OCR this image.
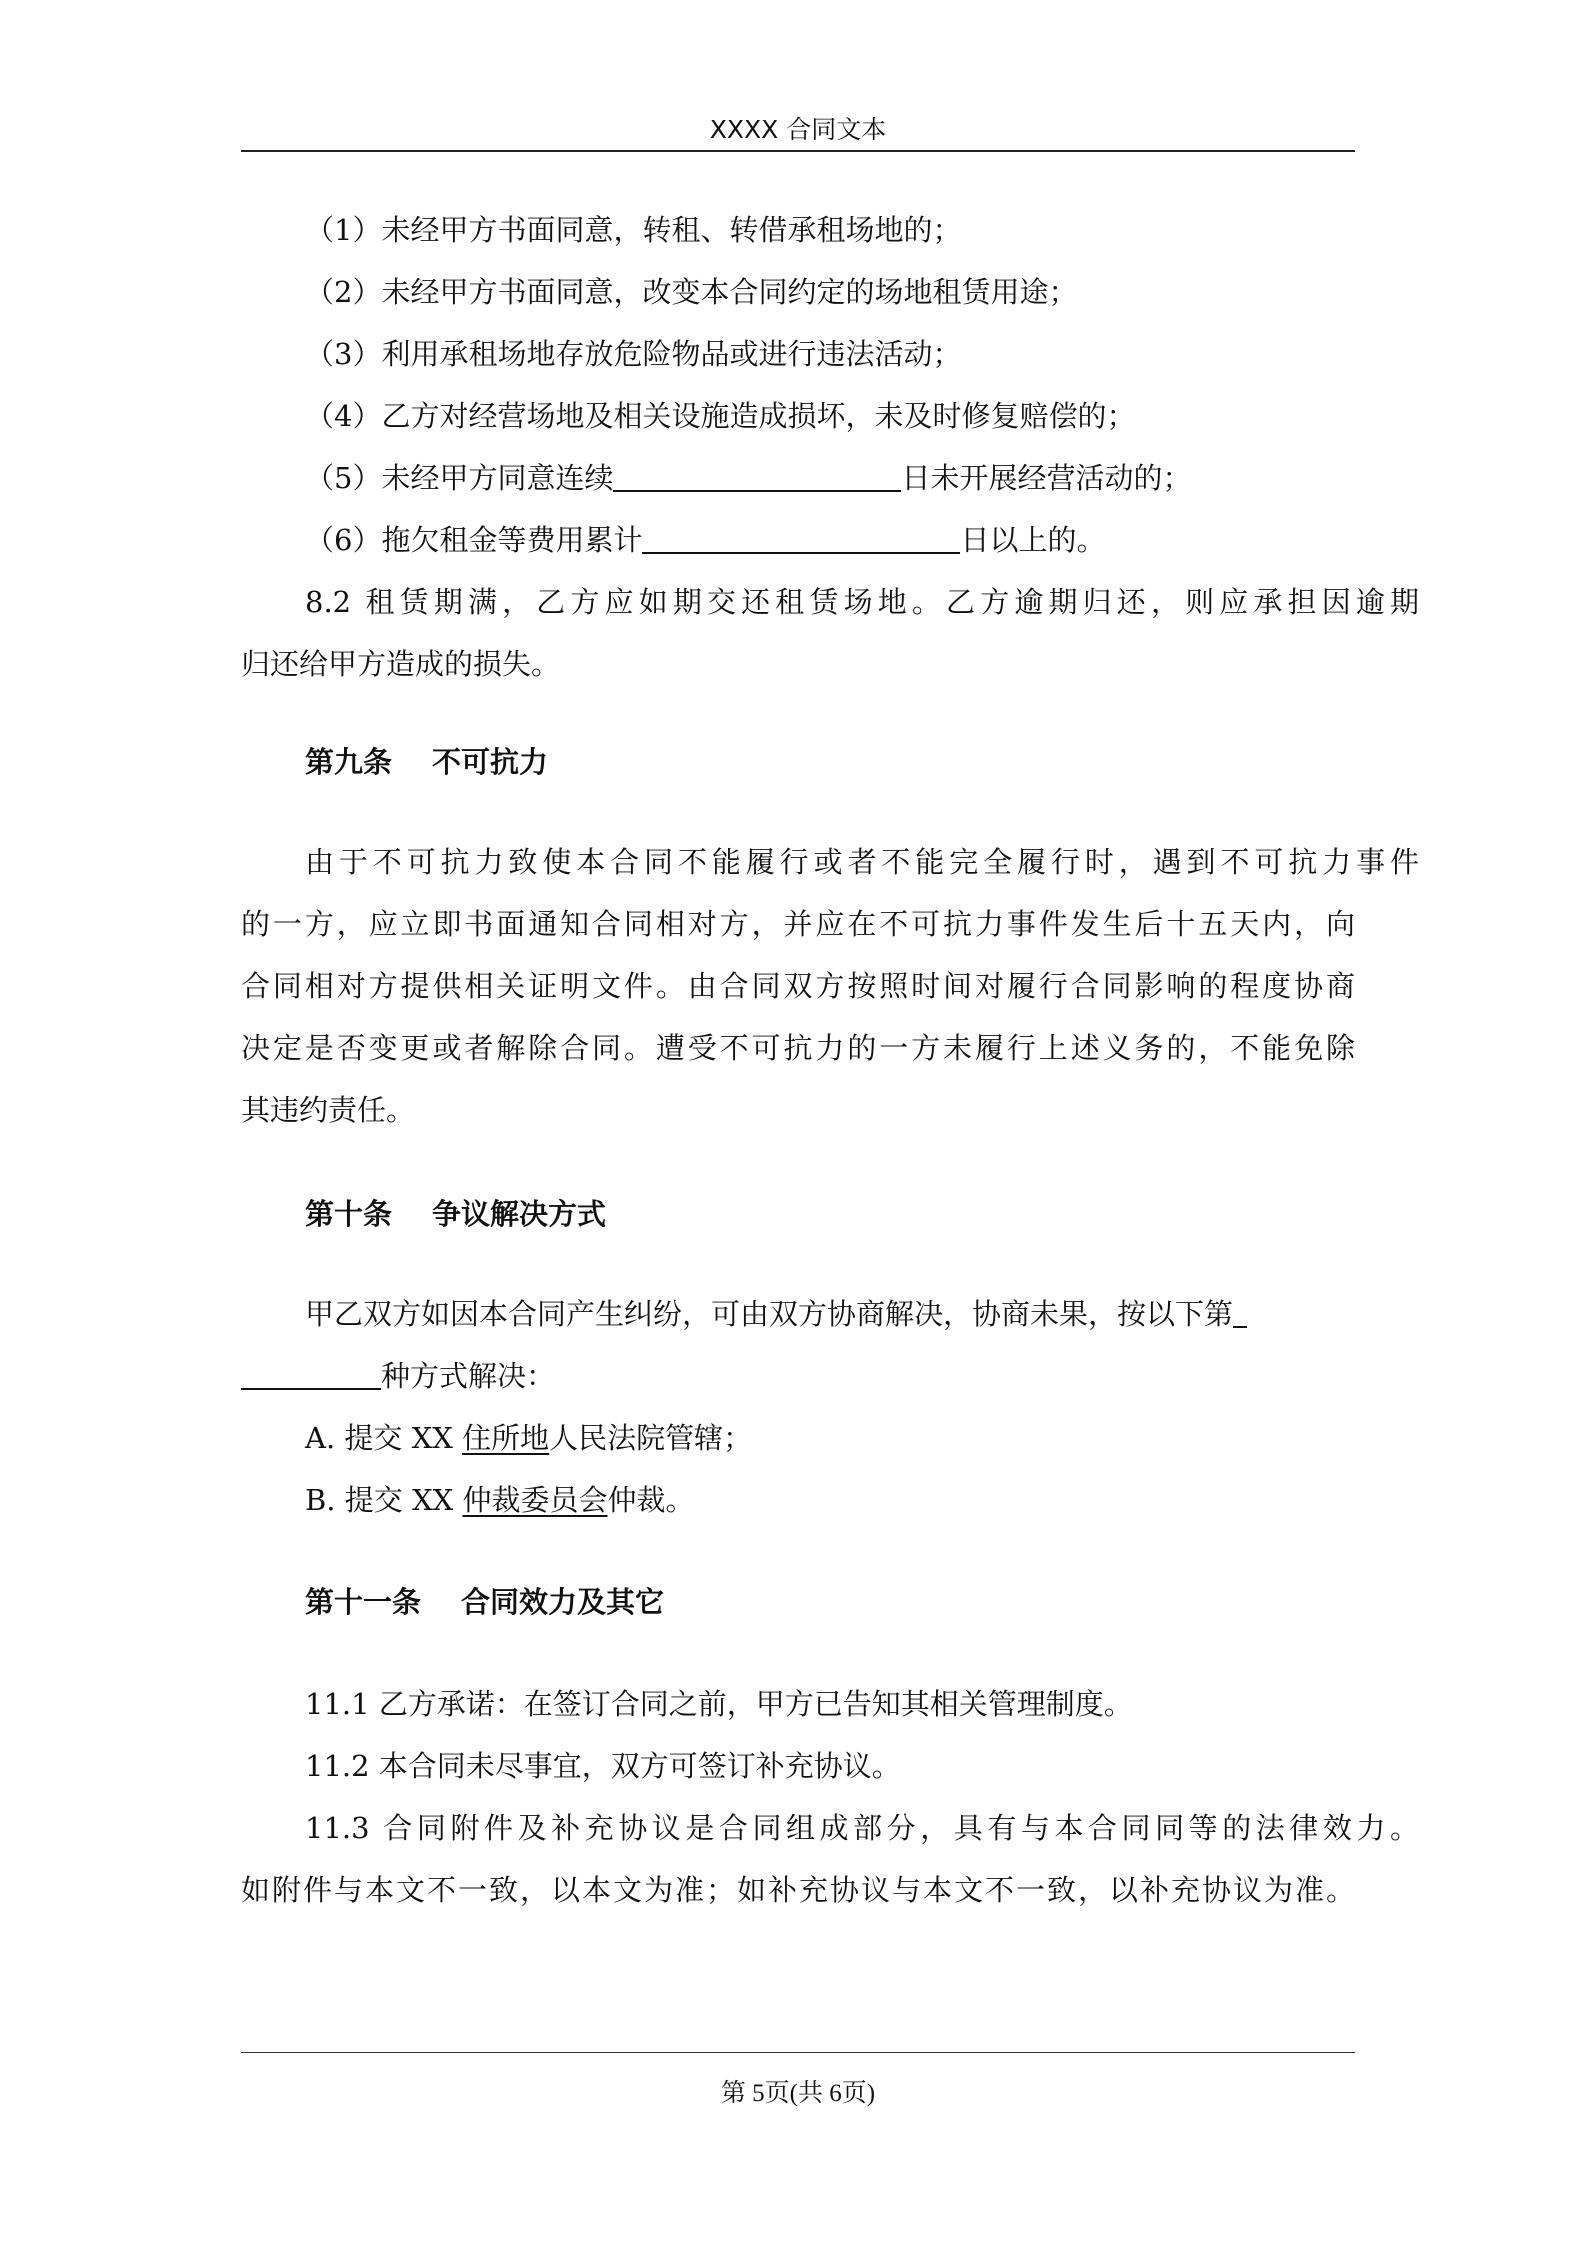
XXXX 合同文本
（1）未经甲方书面同意，转租、转借承租场地的；
（2）未经甲方书面同意，改变本合同约定的场地租赁用途；
（3）利用承租场地存放危险物品或进行违法活动；
（4）乙方对经营场地及相关设施造成损坏，未及时修复赔偿的；
（5）未经甲方同意连续	日未开展经营活动的；
（6）拖欠租金等费用累计	日以上的。
8.2 租赁期满，乙方应如期交还租赁场地。乙方逾期归还，则应承担因逾期
归还给甲方造成的损失。
第九条 不可抗力
由于不可抗力致使本合同不能履行或者不能完全履行时，遇到不可抗力事件
的一方，应立即书面通知合同相对方，并应在不可抗力事件发生后十五天内，向
合同相对方提供相关证明文件。由合同双方按照时间对履行合同影响的程度协商
决定是否变更或者解除合同。遭受不可抗力的一方未履行上述义务的，不能免除
其违约责任。
第十条 争议解决方式
甲乙双方如因本合同产生纠纷，可由双方协商解决，协商未果，按以下第
种方式解决：
A. 提交 XX 住所地人民法院管辖；
B. 提交 XX 仲裁委员会仲裁。
第十一条 合同效力及其它
11.1 乙方承诺：在签订合同之前，甲方已告知其相关管理制度。
11.2 本合同未尽事宜，双方可签订补充协议。
11.3 合同附件及补充协议是合同组成部分，具有与本合同同等的法律效力。
如附件与本文不一致，以本文为准；如补充协议与本文不一致，以补充协议为准。
第 5页(共 6页)
